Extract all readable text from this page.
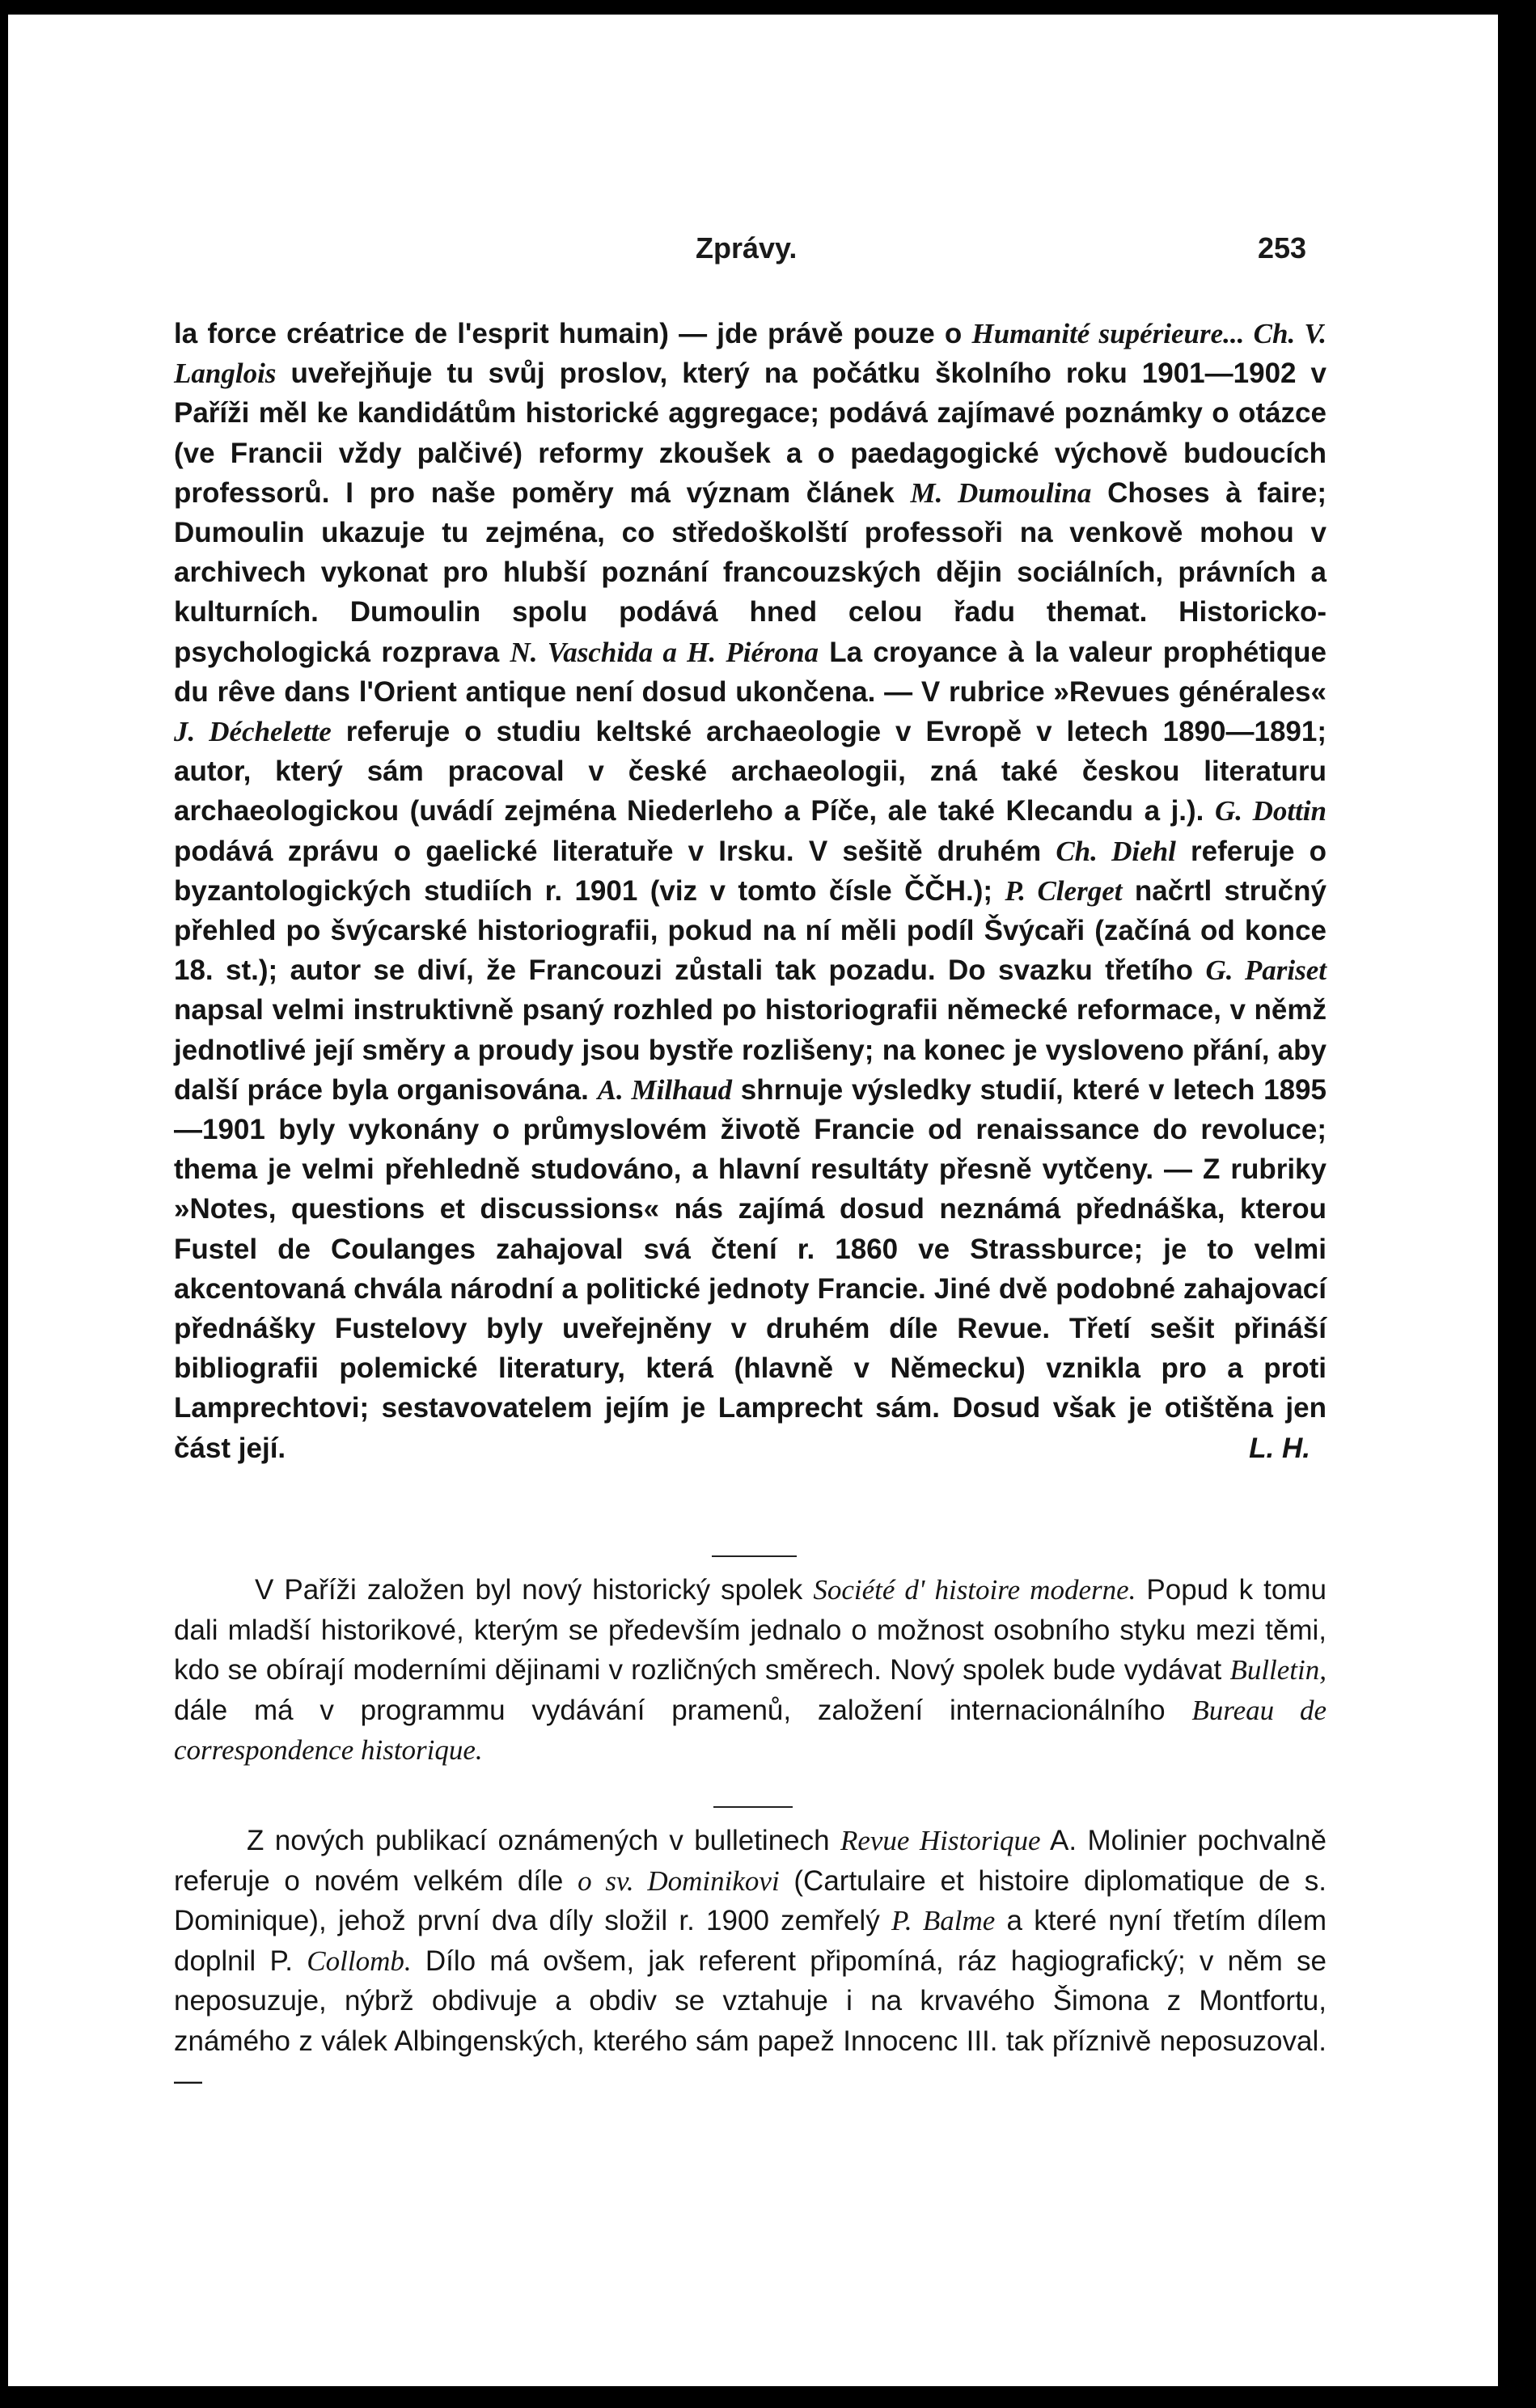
Zprávy.	253

la force créatrice de l'esprit humain) — jde právě pouze o Humanité supérieure... Ch. V. Langlois uveřejňuje tu svůj proslov, který na počátku školního roku 1901—1902 v Paříži měl ke kandidátům historické aggregace; podává zajímavé poznámky o otázce (ve Francii vždy palčivé) reformy zkoušek a o paedagogické výchově budoucích professorů. I pro naše poměry má význam článek M. Dumoulina Choses à faire; Dumoulin ukazuje tu zejména, co středoškolští professoři na venkově mohou v archivech vykonat pro hlubší poznání francouzských dějin sociálních, právních a kulturních. Dumoulin spolu podává hned celou řadu themat. Historicko-psychologická rozprava N. Vaschida a H. Piérona La croyance à la valeur prophétique du rêve dans l'Orient antique není dosud ukončena. — V rubrice »Revues générales« J. Déchelette referuje o studiu keltské archaeologie v Evropě v letech 1890—1891; autor, který sám pracoval v české archaeologii, zná také českou literaturu archaeologickou (uvádí zejména Niederleho a Píče, ale také Klecandu a j.). G. Dottin podává zprávu o gaelické literatuře v Irsku. V sešitě druhém Ch. Diehl referuje o byzantologických studiích r. 1901 (viz v tomto čísle ČČH.); P. Clerget načrtl stručný přehled po švýcarské historiografii, pokud na ní měli podíl Švýcaři (začíná od konce 18. st.); autor se diví, že Francouzi zůstali tak pozadu. Do svazku třetího G. Pariset napsal velmi instruktivně psaný rozhled po historiografii německé reformace, v němž jednotlivé její směry a proudy jsou bystře rozlišeny; na konec je vysloveno přání, aby další práce byla organisována. A. Milhaud shrnuje výsledky studií, které v letech 1895—1901 byly vykonány o průmyslovém životě Francie od renaissance do revoluce; thema je velmi přehledně studováno, a hlavní resultáty přesně vytčeny. — Z rubriky »Notes, questions et discussions« nás zajímá dosud neznámá přednáška, kterou Fustel de Coulanges zahajoval svá čtení r. 1860 ve Strassburce; je to velmi akcentovaná chvála národní a politické jednoty Francie. Jiné dvě podobné zahajovací přednášky Fustelovy byly uveřejněny v druhém díle Revue. Třetí sešit přináší bibliografii polemické literatury, která (hlavně v Německu) vznikla pro a proti Lamprechtovi; sestavovatelem jejím je Lamprecht sám. Dosud však je otištěna jen část její.	L. H.

V Paříži založen byl nový historický spolek Société d' histoire moderne. Popud k tomu dali mladší historikové, kterým se především jednalo o možnost osobního styku mezi těmi, kdo se obírají moderními dějinami v rozličných směrech. Nový spolek bude vydávat Bulletin, dále má v programmu vydávání pramenů, založení internacionálního Bureau de correspondence historique.

Z nových publikací oznámených v bulletinech Revue Historique A. Molinier pochvalně referuje o novém velkém díle o sv. Dominikovi (Cartulaire et histoire diplomatique de s. Dominique), jehož první dva díly složil r. 1900 zemřelý P. Balme a které nyní třetím dílem doplnil P. Collomb. Dílo má ovšem, jak referent připomíná, ráz hagiografický; v něm se neposuzuje, nýbrž obdivuje a obdiv se vztahuje i na krvavého Šimona z Montfortu, známého z válek Albingenských, kterého sám papež Innocenc III. tak příznivě neposuzoval. —
